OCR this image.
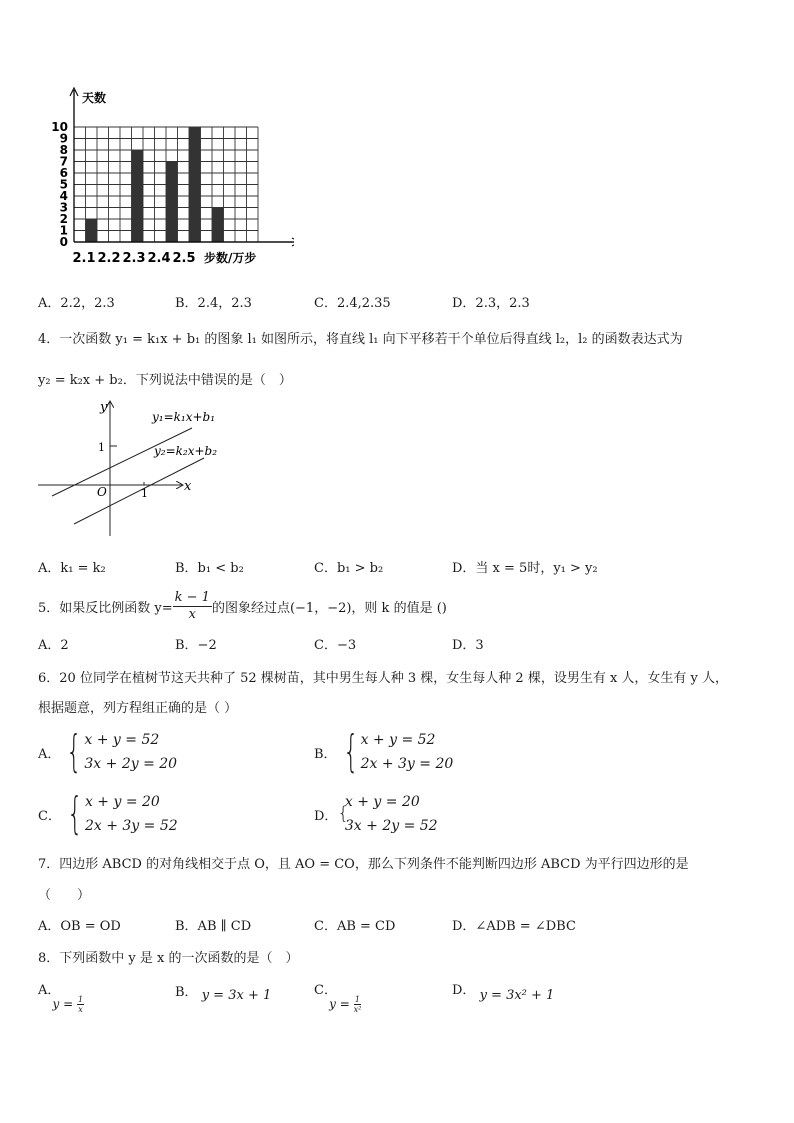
0
1
2
3
4
5
6
7
8
9
10
2.1 2.2 2.3 2.4 2.5
天数
步数/万步
A．2.2，2.3	B．2.4，2.3	C．2.4,2.35	D．2.3，2.3
4．一次函数 y₁ = k₁x + b₁ 的图象 l₁ 如图所示，将直线 l₁ 向下平移若干个单位后得直线 l₂，l₂ 的函数表达式为
y₂ = k₂x + b₂．下列说法中错误的是（　）
y
x
O	1
1
y₁=k₁x+b₁
y₂=k₂x+b₂
A．k₁ = k₂	B．b₁ < b₂	C．b₁ > b₂	D．当 x = 5时，y₁ > y₂
5．如果反比例函数 $y= \frac{k - 1}{x}$ 的图象经过点(−1，−2)，则 k 的值是 ()
A．2	B．−2	C．−3	D．3
6．20 位同学在植树节这天共种了 52 棵树苗，其中男生每人种 3 棵，女生每人种 2 棵，设男生有 x 人，女生有 y 人，
根据题意，列方程组正确的是（ ）
A． { x + y = 52
3x + 2y = 20
B． { x + y = 52
2x + 3y = 20
C． { x + y = 20
2x + 3y = 52
D． {
x + y = 20
3x + 2y = 52
7．四边形 ABCD 的对角线相交于点 O，且 AO = CO，那么下列条件不能判断四边形 ABCD 为平行四边形的是
（　　）
A．OB = OD	B．AB ∥ CD	C．AB = CD	D．∠ADB = ∠DBC
8．下列函数中 y 是 x 的一次函数的是（　）
A． $y = \frac{1}{x}$
B． y = 3x + 1	C． $y = \frac{1}{\text{x²}}$
D． y = 3x² + 1
